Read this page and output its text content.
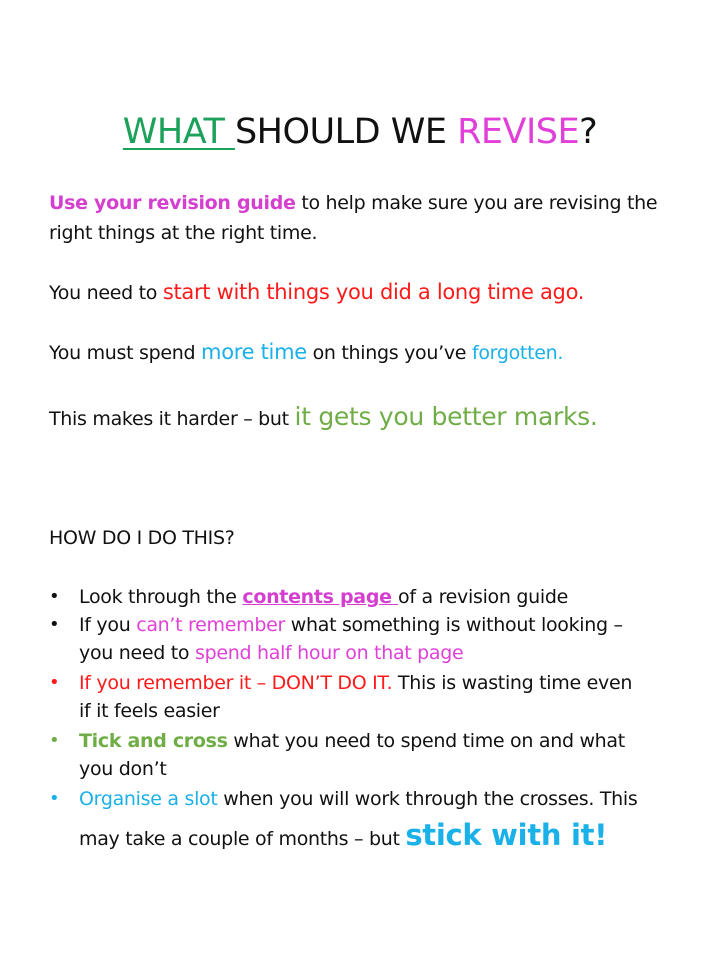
WHAT SHOULD WE REVISE?
Use your revision guide to help make sure you are revising the
right things at the right time.
You need to start with things you did a long time ago.
You must spend more time on things you’ve forgotten.
This makes it harder – but it gets you better marks.
HOW DO I DO THIS?
•	Look through the contents page of a revision guide
•	If you can’t remember what something is without looking –
you need to spend half hour on that page
•	If you remember it – DON’T DO IT. This is wasting time even
if it feels easier
•	Tick and cross what you need to spend time on and what
you don’t
•	Organise a slot when you will work through the crosses. This
may take a couple of months – but stick with it!
